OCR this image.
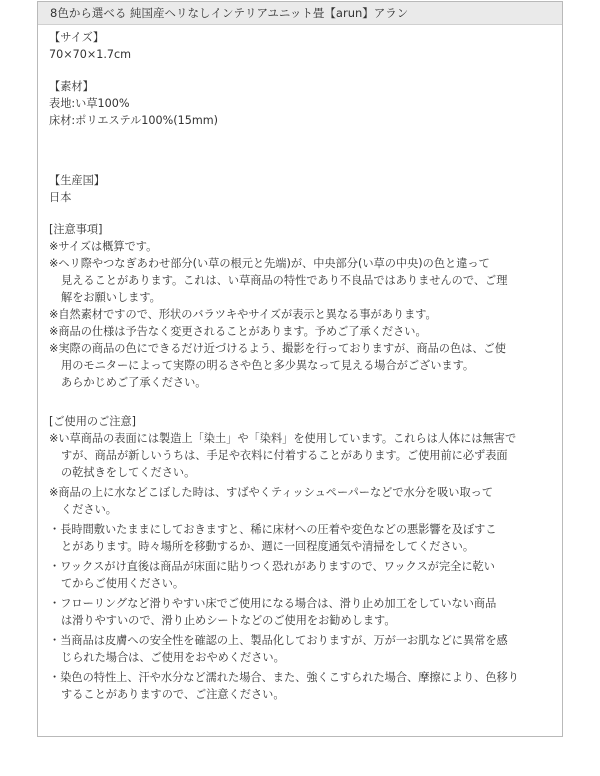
8色から選べる 純国産ヘリなしインテリアユニット畳【arun】アラン
【サイズ】
70×70×1.7cm
【素材】
表地:い草100%
床材:ポリエステル100%(15mm)
【生産国】
日本
[注意事項]
※サイズは概算です。
※ヘリ際やつなぎあわせ部分(い草の根元と先端)が、中央部分(い草の中央)の色と違って
見えることがあります。これは、い草商品の特性であり不良品ではありませんので、ご理
解をお願いします。
※自然素材ですので、形状のバラツキやサイズが表示と異なる事があります。
※商品の仕様は予告なく変更されることがあります。予めご了承ください。
※実際の商品の色にできるだけ近づけるよう、撮影を行っておりますが、商品の色は、ご使
用のモニターによって実際の明るさや色と多少異なって見える場合がございます。
あらかじめご了承ください。
[ご使用のご注意]
※い草商品の表面には製造上「染土」や「染料」を使用しています。これらは人体には無害で
すが、商品が新しいうちは、手足や衣料に付着することがあります。ご使用前に必ず表面
の乾拭きをしてください。
※商品の上に水などこぼした時は、すばやくティッシュペーパーなどで水分を吸い取って
ください。
・長時間敷いたままにしておきますと、稀に床材への圧着や変色などの悪影響を及ぼすこ
とがあります。時々場所を移動するか、週に一回程度通気や清掃をしてください。
・ワックスがけ直後は商品が床面に貼りつく恐れがありますので、ワックスが完全に乾い
てからご使用ください。
・フローリングなど滑りやすい床でご使用になる場合は、滑り止め加工をしていない商品
は滑りやすいので、滑り止めシートなどのご使用をお勧めします。
・当商品は皮膚への安全性を確認の上、製品化しておりますが、万が一お肌などに異常を感
じられた場合は、ご使用をおやめください。
・染色の特性上、汗や水分など濡れた場合、また、強くこすられた場合、摩擦により、色移り
することがありますので、ご注意ください。
